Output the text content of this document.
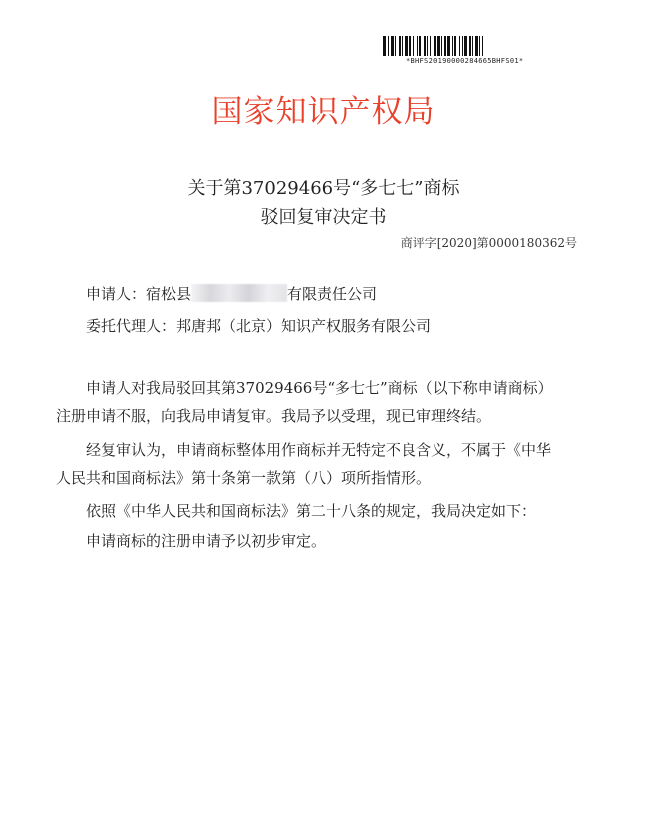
*BHFS20190000284665BHFS01*
国家知识产权局
关于第37029466号“多七七”商标
驳回复审决定书
商评字[2020]第0000180362号
申请人：宿松县	有限责任公司
委托代理人：邦唐邦（北京）知识产权服务有限公司
申请人对我局驳回其第37029466号“多七七”商标（以下称申请商标）
注册申请不服，向我局申请复审。我局予以受理，现已审理终结。
经复审认为，申请商标整体用作商标并无特定不良含义，不属于《中华
人民共和国商标法》第十条第一款第（八）项所指情形。
依照《中华人民共和国商标法》第二十八条的规定，我局决定如下：
申请商标的注册申请予以初步审定。
